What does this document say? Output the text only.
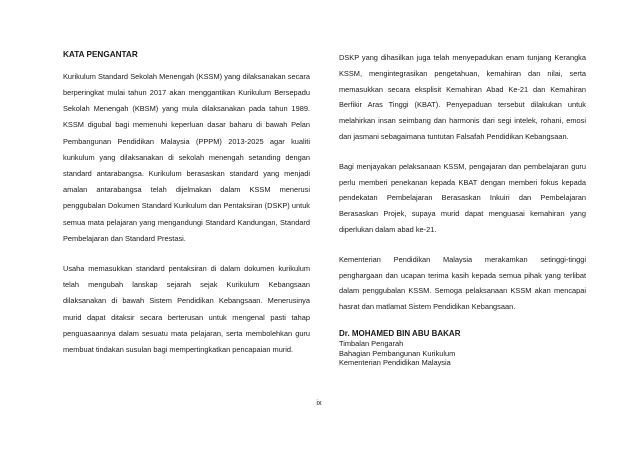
KATA PENGANTAR

Kurikulum Standard Sekolah Menengah (KSSM) yang dilaksanakan secara berperingkat mulai tahun 2017 akan menggantikan Kurikulum Bersepadu Sekolah Menengah (KBSM) yang mula dilaksanakan pada tahun 1989. KSSM digubal bagi memenuhi keperluan dasar baharu di bawah Pelan Pembangunan Pendidikan Malaysia (PPPM) 2013-2025 agar kualiti kurikulum yang dilaksanakan di sekolah menengah setanding dengan standard antarabangsa. Kurikulum berasaskan standard yang menjadi amalan antarabangsa telah dijelmakan dalam KSSM menerusi penggubalan Dokumen Standard Kurikulum dan Pentaksiran (DSKP) untuk semua mata pelajaran yang mengandungi Standard Kandungan, Standard Pembelajaran dan Standard Prestasi.

Usaha memasukkan standard pentaksiran di dalam dokumen kurikulum telah mengubah lanskap sejarah sejak Kurikulum Kebangsaan dilaksanakan di bawah Sistem Pendidikan Kebangsaan. Menerusinya murid dapat ditaksir secara berterusan untuk mengenal pasti tahap penguasaannya dalam sesuatu mata pelajaran, serta membolehkan guru membuat tindakan susulan bagi mempertingkatkan pencapaian murid.

DSKP yang dihasilkan juga telah menyepadukan enam tunjang Kerangka KSSM, mengintegrasikan pengetahuan, kemahiran dan nilai, serta memasukkan secara eksplisit Kemahiran Abad Ke-21 dan Kemahiran Berfikir Aras Tinggi (KBAT). Penyepaduan tersebut dilakukan untuk melahirkan insan seimbang dan harmonis dari segi intelek, rohani, emosi dan jasmani sebagaimana tuntutan Falsafah Pendidikan Kebangsaan.

Bagi menjayakan pelaksanaan KSSM, pengajaran dan pembelajaran guru perlu memberi penekanan kepada KBAT dengan memberi fokus kepada pendekatan Pembelajaran Berasaskan Inkuiri dan Pembelajaran Berasaskan Projek, supaya murid dapat menguasai kemahiran yang diperlukan dalam abad ke-21.

Kementerian Pendidikan Malaysia merakamkan setinggi-tinggi penghargaan dan ucapan terima kasih kepada semua pihak yang terlibat dalam penggubalan KSSM. Semoga pelaksanaan KSSM akan mencapai hasrat dan matlamat Sistem Pendidikan Kebangsaan.

Dr. MOHAMED BIN ABU BAKAR

Timbalan Pengarah

Bahagian Pembangunan Kurikulum

Kementerian Pendidikan Malaysia

ix
